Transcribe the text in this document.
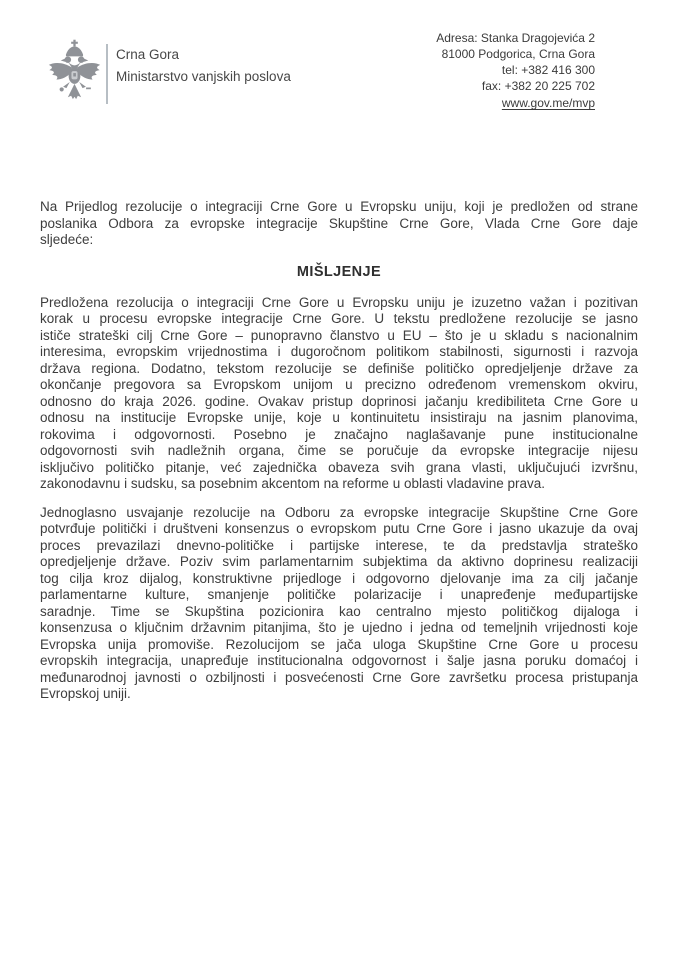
Crna Gora
Ministarstvo vanjskih poslova
Adresa: Stanka Dragojevića 2
81000 Podgorica, Crna Gora
tel: +382 416 300
fax: +382 20 225 702
www.gov.me/mvp
Na Prijedlog rezolucije o integraciji Crne Gore u Evropsku uniju, koji je predložen od strane
poslanika Odbora za evropske integracije Skupštine Crne Gore, Vlada Crne Gore daje
sljedeće:
MIŠLJENJE
Predložena rezolucija o integraciji Crne Gore u Evropsku uniju je izuzetno važan i pozitivan
korak u procesu evropske integracije Crne Gore. U tekstu predložene rezolucije se jasno
ističe strateški cilj Crne Gore – punopravno članstvo u EU – što je u skladu s nacionalnim
interesima, evropskim vrijednostima i dugoročnom politikom stabilnosti, sigurnosti i razvoja
država regiona. Dodatno, tekstom rezolucije se definiše političko opredjeljenje države za
okončanje pregovora sa Evropskom unijom u precizno određenom vremenskom okviru,
odnosno do kraja 2026. godine. Ovakav pristup doprinosi jačanju kredibiliteta Crne Gore u
odnosu na institucije Evropske unije, koje u kontinuitetu insistiraju na jasnim planovima,
rokovima i odgovornosti. Posebno je značajno naglašavanje pune institucionalne
odgovornosti svih nadležnih organa, čime se poručuje da evropske integracije nijesu
isključivo političko pitanje, već zajednička obaveza svih grana vlasti, uključujući izvršnu,
zakonodavnu i sudsku, sa posebnim akcentom na reforme u oblasti vladavine prava.
Jednoglasno usvajanje rezolucije na Odboru za evropske integracije Skupštine Crne Gore
potvrđuje politički i društveni konsenzus o evropskom putu Crne Gore i jasno ukazuje da ovaj
proces prevazilazi dnevno-političke i partijske interese, te da predstavlja strateško
opredjeljenje države. Poziv svim parlamentarnim subjektima da aktivno doprinesu realizaciji
tog cilja kroz dijalog, konstruktivne prijedloge i odgovorno djelovanje ima za cilj jačanje
parlamentarne kulture, smanjenje političke polarizacije i unapređenje međupartijske
saradnje. Time se Skupština pozicionira kao centralno mjesto političkog dijaloga i
konsenzusa o ključnim državnim pitanjima, što je ujedno i jedna od temeljnih vrijednosti koje
Evropska unija promoviše. Rezolucijom se jača uloga Skupštine Crne Gore u procesu
evropskih integracija, unapređuje institucionalna odgovornost i šalje jasna poruku domaćoj i
međunarodnoj javnosti o ozbiljnosti i posvećenosti Crne Gore završetku procesa pristupanja
Evropskoj uniji.
